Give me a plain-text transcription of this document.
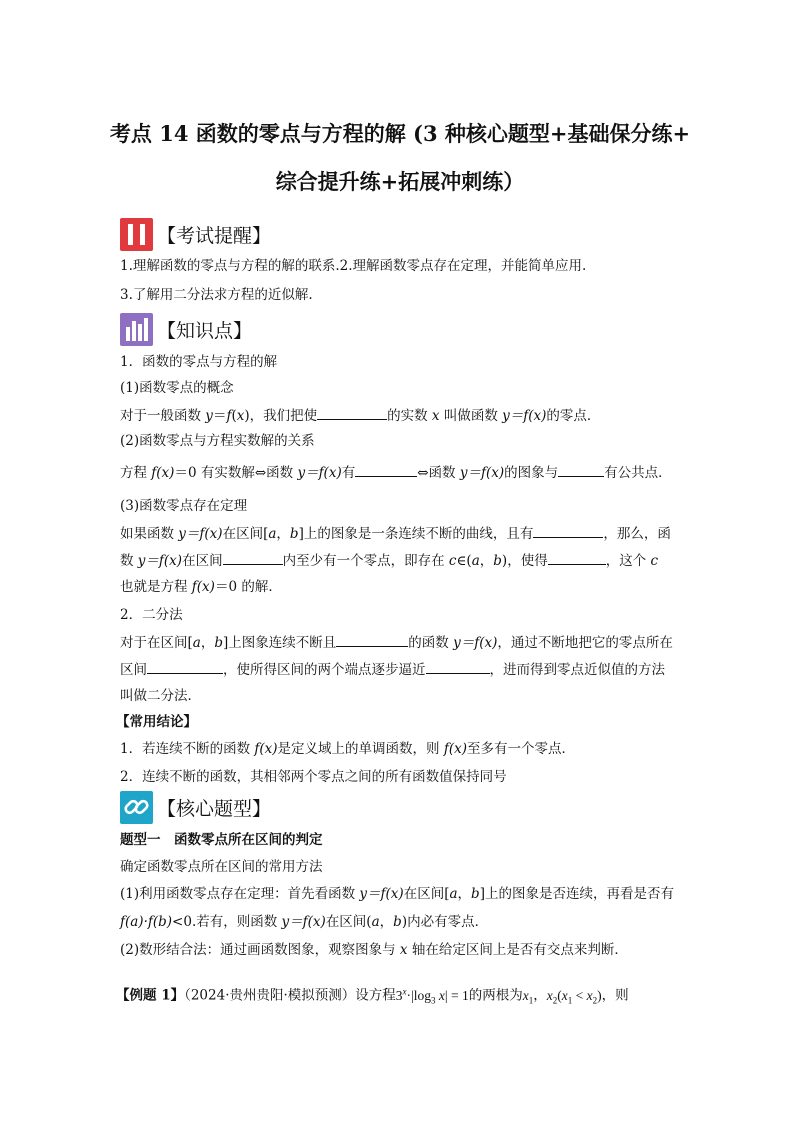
考点 14 函数的零点与方程的解 (3 种核心题型+基础保分练+
综合提升练+拓展冲刺练）
【考试提醒】
1.理解函数的零点与方程的解的联系.2.理解函数零点存在定理，并能简单应用.
3.了解用二分法求方程的近似解.
【知识点】
1．函数的零点与方程的解
(1)函数零点的概念
对于一般函数 y＝f(x)，我们把使	的实数 x 叫做函数 y＝f(x)的零点．
(2)函数零点与方程实数解的关系
方程 f(x)＝0 有实数解⇔函数 y＝f(x)有	⇔函数 y＝f(x)的图象与	有公共点．
(3)函数零点存在定理
如果函数 y＝f(x)在区间[a，b]上的图象是一条连续不断的曲线，且有	，那么，函
数 y＝f(x)在区间	内至少有一个零点，即存在 c∈(a，b)，使得	，这个 c
也就是方程 f(x)＝0 的解．
2．二分法
对于在区间[a，b]上图象连续不断且	的函数 y＝f(x)，通过不断地把它的零点所在
区间	，使所得区间的两个端点逐步逼近	，进而得到零点近似值的方法
叫做二分法．
【常用结论】
1．若连续不断的函数 f(x)是定义域上的单调函数，则 f(x)至多有一个零点．
2．连续不断的函数，其相邻两个零点之间的所有函数值保持同号
【核心题型】
题型一　函数零点所在区间的判定
确定函数零点所在区间的常用方法
(1)利用函数零点存在定理：首先看函数 y＝f(x)在区间[a，b]上的图象是否连续，再看是否有
f(a)·f(b)<0.若有，则函数 y＝f(x)在区间(a，b)内必有零点．
(2)数形结合法：通过画函数图象，观察图象与 x 轴在给定区间上是否有交点来判断．
【例题 1】（2024·贵州贵阳·模拟预测）设方程$3^x\cdot|\log_3$ x| = 1的两根为$x_1$，$x_2(x_1 < x_2)$，则
